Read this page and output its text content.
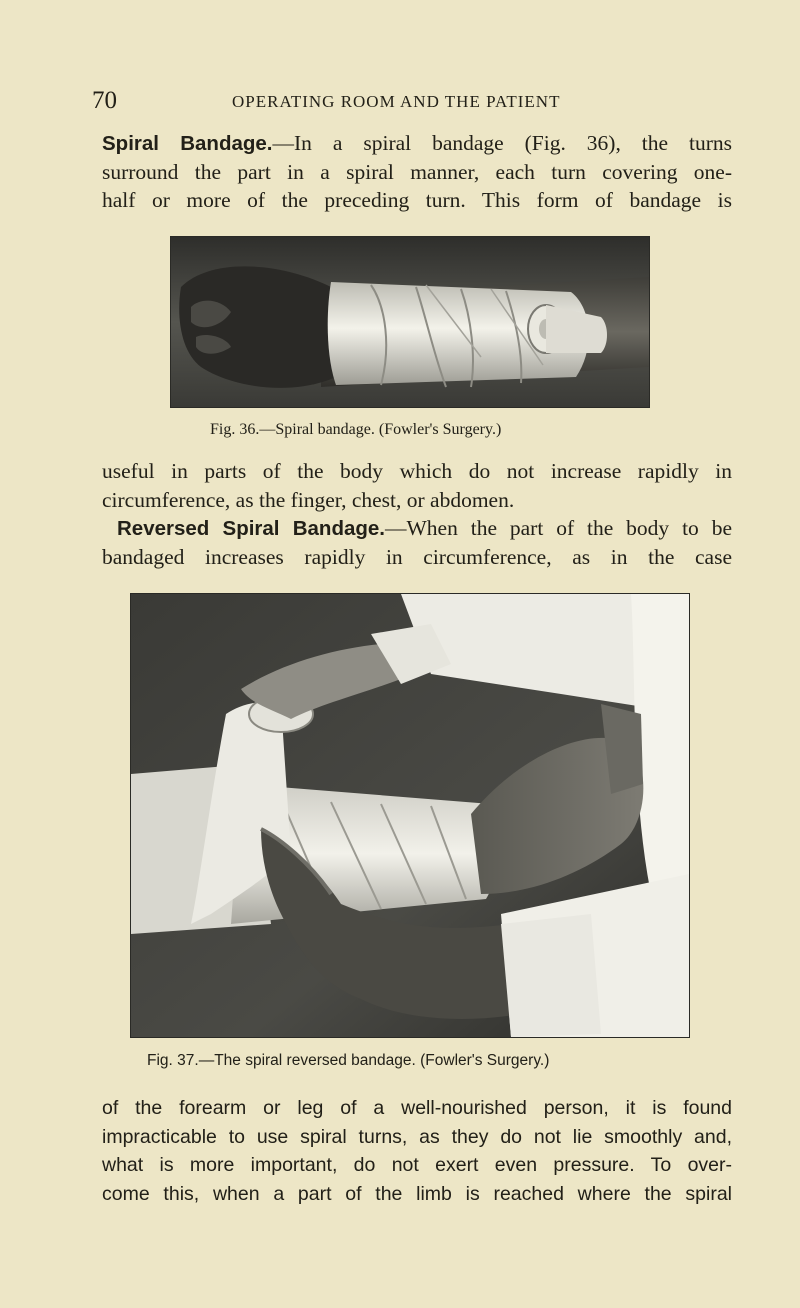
70	OPERATING ROOM AND THE PATIENT
Spiral Bandage.—In a spiral bandage (Fig. 36), the turns
surround the part in a spiral manner, each turn covering one-
half or more of the preceding turn. This form of bandage is
Fig. 36.—Spiral bandage. (Fowler's Surgery.)
useful in parts of the body which do not increase rapidly in
circumference, as the finger, chest, or abdomen.
Reversed Spiral Bandage.—When the part of the body to be
bandaged increases rapidly in circumference, as in the case
Fig. 37.—The spiral reversed bandage. (Fowler's Surgery.)
of the forearm or leg of a well-nourished person, it is found
impracticable to use spiral turns, as they do not lie smoothly and,
what is more important, do not exert even pressure. To over-
come this, when a part of the limb is reached where the spiral
